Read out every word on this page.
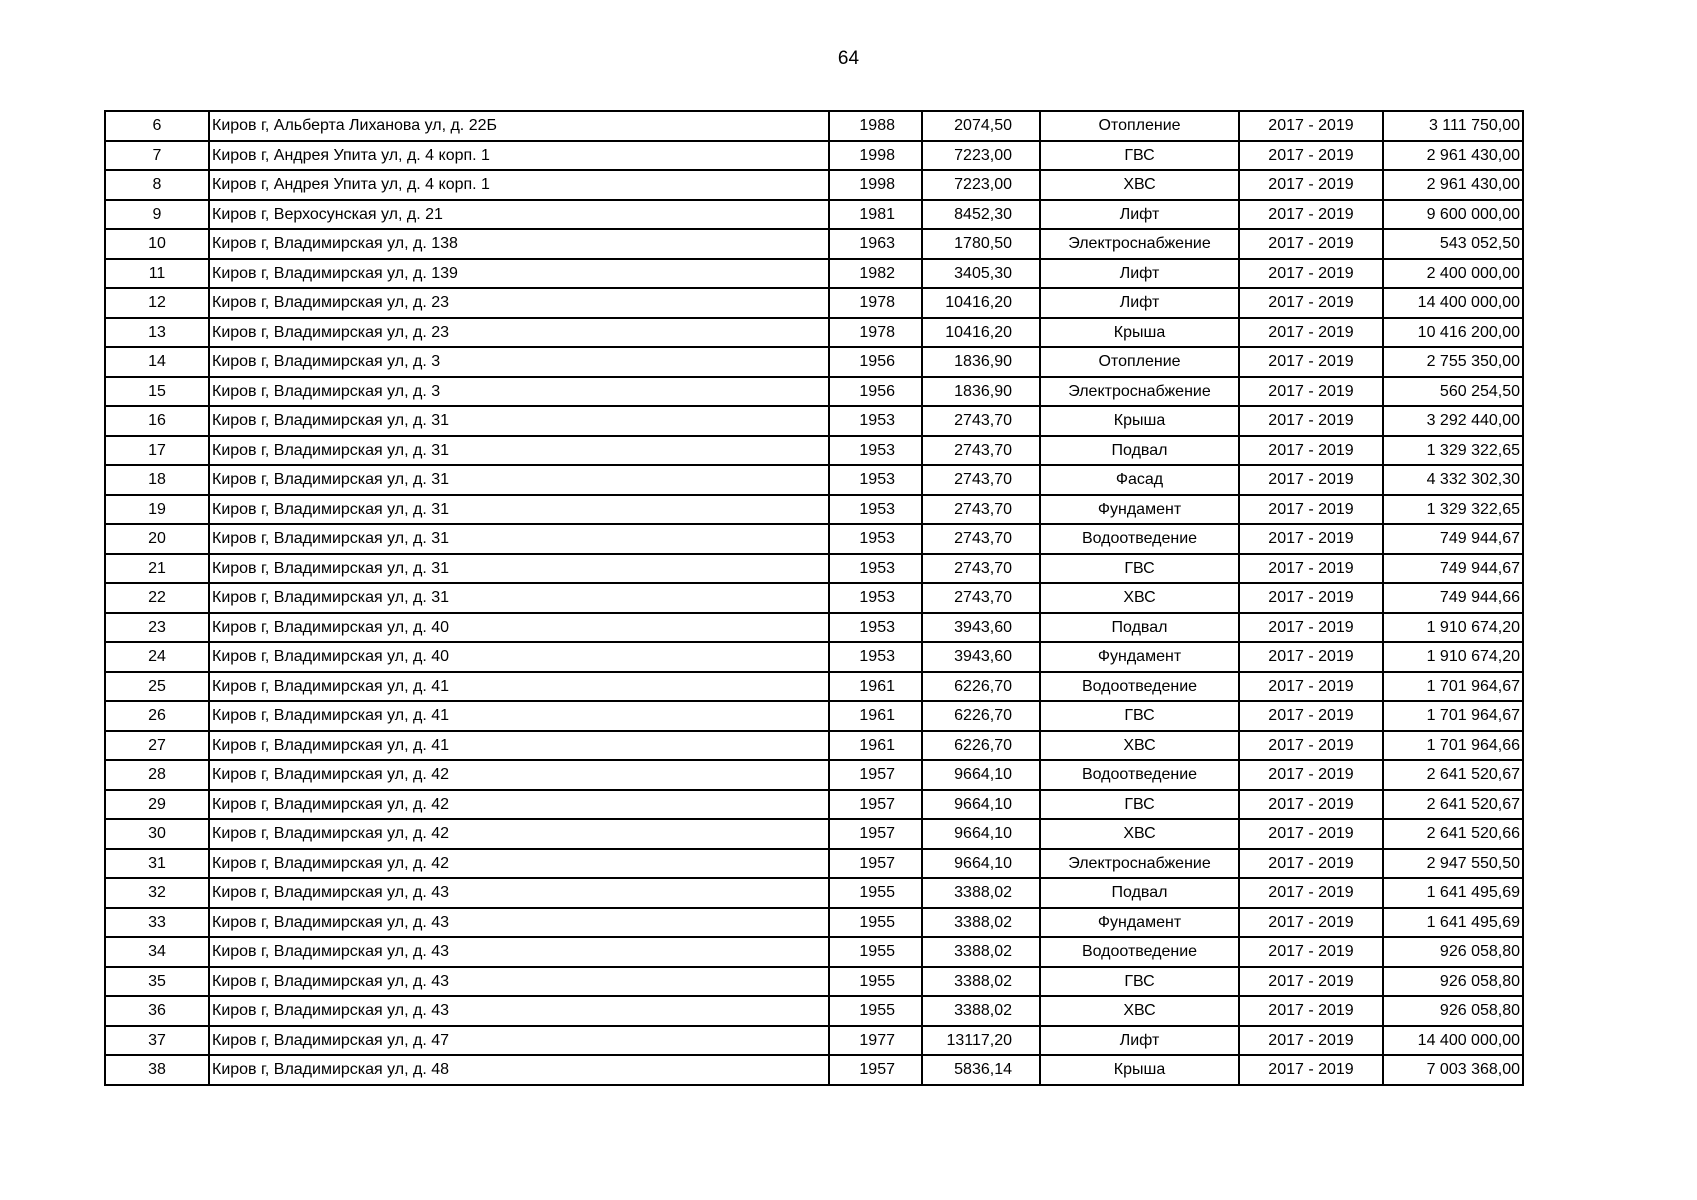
64
6	Киров г, Альберта Лиханова ул, д. 22Б	1988	2074,50	Отопление	2017 - 2019	3 111 750,00
7	Киров г, Андрея Упита ул, д. 4 корп. 1	1998	7223,00	ГВС	2017 - 2019	2 961 430,00
8	Киров г, Андрея Упита ул, д. 4 корп. 1	1998	7223,00	ХВС	2017 - 2019	2 961 430,00
9	Киров г, Верхосунская ул, д. 21	1981	8452,30	Лифт	2017 - 2019	9 600 000,00
10	Киров г, Владимирская ул, д. 138	1963	1780,50	Электроснабжение	2017 - 2019	543 052,50
11	Киров г, Владимирская ул, д. 139	1982	3405,30	Лифт	2017 - 2019	2 400 000,00
12	Киров г, Владимирская ул, д. 23	1978	10416,20	Лифт	2017 - 2019	14 400 000,00
13	Киров г, Владимирская ул, д. 23	1978	10416,20	Крыша	2017 - 2019	10 416 200,00
14	Киров г, Владимирская ул, д. 3	1956	1836,90	Отопление	2017 - 2019	2 755 350,00
15	Киров г, Владимирская ул, д. 3	1956	1836,90	Электроснабжение	2017 - 2019	560 254,50
16	Киров г, Владимирская ул, д. 31	1953	2743,70	Крыша	2017 - 2019	3 292 440,00
17	Киров г, Владимирская ул, д. 31	1953	2743,70	Подвал	2017 - 2019	1 329 322,65
18	Киров г, Владимирская ул, д. 31	1953	2743,70	Фасад	2017 - 2019	4 332 302,30
19	Киров г, Владимирская ул, д. 31	1953	2743,70	Фундамент	2017 - 2019	1 329 322,65
20	Киров г, Владимирская ул, д. 31	1953	2743,70	Водоотведение	2017 - 2019	749 944,67
21	Киров г, Владимирская ул, д. 31	1953	2743,70	ГВС	2017 - 2019	749 944,67
22	Киров г, Владимирская ул, д. 31	1953	2743,70	ХВС	2017 - 2019	749 944,66
23	Киров г, Владимирская ул, д. 40	1953	3943,60	Подвал	2017 - 2019	1 910 674,20
24	Киров г, Владимирская ул, д. 40	1953	3943,60	Фундамент	2017 - 2019	1 910 674,20
25	Киров г, Владимирская ул, д. 41	1961	6226,70	Водоотведение	2017 - 2019	1 701 964,67
26	Киров г, Владимирская ул, д. 41	1961	6226,70	ГВС	2017 - 2019	1 701 964,67
27	Киров г, Владимирская ул, д. 41	1961	6226,70	ХВС	2017 - 2019	1 701 964,66
28	Киров г, Владимирская ул, д. 42	1957	9664,10	Водоотведение	2017 - 2019	2 641 520,67
29	Киров г, Владимирская ул, д. 42	1957	9664,10	ГВС	2017 - 2019	2 641 520,67
30	Киров г, Владимирская ул, д. 42	1957	9664,10	ХВС	2017 - 2019	2 641 520,66
31	Киров г, Владимирская ул, д. 42	1957	9664,10	Электроснабжение	2017 - 2019	2 947 550,50
32	Киров г, Владимирская ул, д. 43	1955	3388,02	Подвал	2017 - 2019	1 641 495,69
33	Киров г, Владимирская ул, д. 43	1955	3388,02	Фундамент	2017 - 2019	1 641 495,69
34	Киров г, Владимирская ул, д. 43	1955	3388,02	Водоотведение	2017 - 2019	926 058,80
35	Киров г, Владимирская ул, д. 43	1955	3388,02	ГВС	2017 - 2019	926 058,80
36	Киров г, Владимирская ул, д. 43	1955	3388,02	ХВС	2017 - 2019	926 058,80
37	Киров г, Владимирская ул, д. 47	1977	13117,20	Лифт	2017 - 2019	14 400 000,00
38	Киров г, Владимирская ул, д. 48	1957	5836,14	Крыша	2017 - 2019	7 003 368,00
